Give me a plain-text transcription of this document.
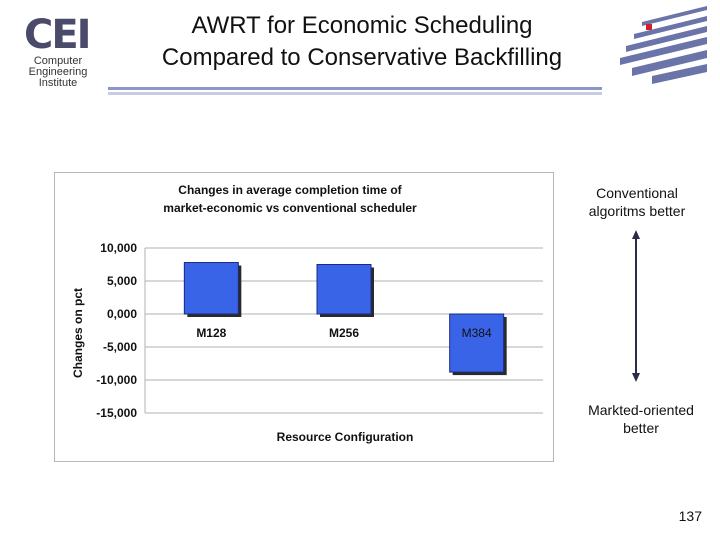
CEI
Computer
Engineering
Institute
AWRT for Economic Scheduling
Compared to Conservative Backfilling
Changes in average completion time of
market-economic vs conventional scheduler
10,000
5,000
0,000
-5,000
-10,000
-15,000
M128	M256	M384
Changes on pct
Resource Configuration
Conventional
algoritms better
Markted-oriented
better
137
